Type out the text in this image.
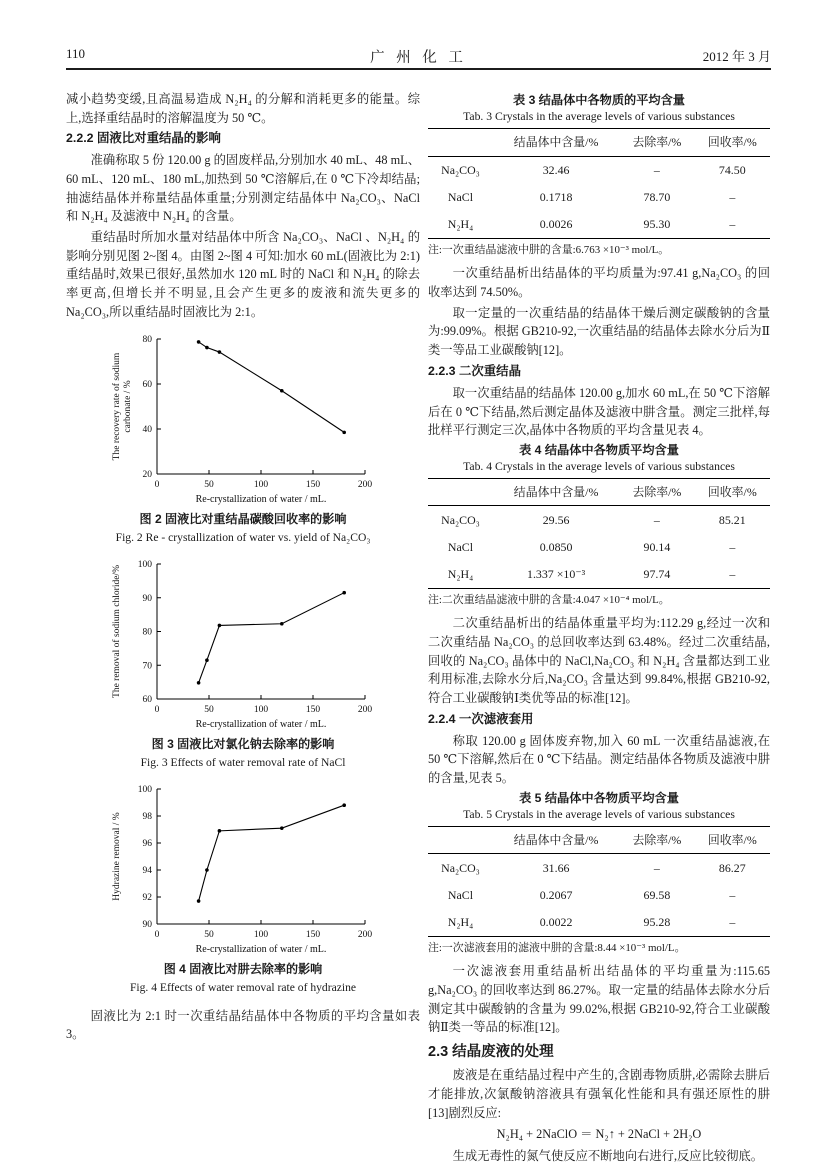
110	广 州 化 工	2012 年 3 月

减小趋势变缓,且高温易造成 N₂H₄ 的分解和消耗更多的能量。综上,选择重结晶时的溶解温度为 50 ℃。

2.2.2 固液比对重结晶的影响

准确称取 5 份 120.00 g 的固废样品,分别加水 40 mL、48 mL、60 mL、120 mL、180 mL,加热到 50 ℃溶解后,在 0 ℃下冷却结晶;抽滤结晶体并称量结晶体重量;分别测定结晶体中 Na₂CO₃、NaCl 和 N₂H₄ 及滤液中 N₂H₄ 的含量。

重结晶时所加水量对结晶体中所含 Na₂CO₃、NaCl 、N₂H₄ 的影响分别见图 2~图 4。由图 2~图 4 可知:加水 60 mL(固液比为 2:1)重结晶时,效果已很好,虽然加水 120 mL 时的 NaCl 和 N₂H₄ 的除去率更高,但增长并不明显,且会产生更多的废液和流失更多的 Na₂CO₃,所以重结晶时固液比为 2:1。

0	50	100	150	200
20
40
60
80
The recovery rate of sodium carbonate / %
Re-crystallization of water / mL.
图 2 固液比对重结晶碳酸回收率的影响
Fig. 2 Re - crystallization of water vs. yield of Na₂CO₃
0	50	100	150	200
60
70
80
90
100
The removal of sodium chloride/%
Re-crystallization of water / mL.
图 3 固液比对氯化钠去除率的影响
Fig. 3 Effects of water removal rate of NaCl
0	50	100	150	200
90
92
94
96
98
100
Hydrazine removal / %
Re-crystallization of water / mL.
图 4 固液比对肼去除率的影响
Fig. 4 Effects of water removal rate of hydrazine

固液比为 2:1 时一次重结晶结晶体中各物质的平均含量如表 3。

表 3 结晶体中各物质的平均含量
Tab. 3 Crystals in the average levels of various substances
	结晶体中含量/%	去除率/%	回收率/%
Na₂CO₃	32.46	–	74.50
NaCl	0.1718	78.70	–
N₂H₄	0.0026	95.30	–
注:一次重结晶滤液中肼的含量:6.763 ×10⁻³ mol/L。

一次重结晶析出结晶体的平均质量为:97.41 g,Na₂CO₃ 的回收率达到 74.50%。

取一定量的一次重结晶的结晶体干燥后测定碳酸钠的含量为:99.09%。根据 GB210-92,一次重结晶的结晶体去除水分后为Ⅱ类一等品工业碳酸钠[12]。

2.2.3 二次重结晶

取一次重结晶的结晶体 120.00 g,加水 60 mL,在 50 ℃下溶解后在 0 ℃下结晶,然后测定晶体及滤液中肼含量。测定三批样,每批样平行测定三次,晶体中各物质的平均含量见表 4。

表 4 结晶体中各物质平均含量
Tab. 4 Crystals in the average levels of various substances
	结晶体中含量/%	去除率/%	回收率/%
Na₂CO₃	29.56	–	85.21
NaCl	0.0850	90.14	–
N₂H₄	1.337 ×10⁻³	97.74	–
注:二次重结晶滤液中肼的含量:4.047 ×10⁻⁴ mol/L。

二次重结晶析出的结晶体重量平均为:112.29 g,经过一次和二次重结晶 Na₂CO₃ 的总回收率达到 63.48%。经过二次重结晶,回收的 Na₂CO₃ 晶体中的 NaCl,Na₂CO₃ 和 N₂H₄ 含量都达到工业利用标准,去除水分后,Na₂CO₃ 含量达到 99.84%,根据 GB210-92,符合工业碳酸钠Ⅰ类优等品的标准[12]。

2.2.4 一次滤液套用

称取 120.00 g 固体废弃物,加入 60 mL 一次重结晶滤液,在 50 ℃下溶解,然后在 0 ℃下结晶。测定结晶体各物质及滤液中肼的含量,见表 5。

表 5 结晶体中各物质平均含量
Tab. 5 Crystals in the average levels of various substances
	结晶体中含量/%	去除率/%	回收率/%
Na₂CO₃	31.66	–	86.27
NaCl	0.2067	69.58	–
N₂H₄	0.0022	95.28	–
注:一次滤液套用的滤液中肼的含量:8.44 ×10⁻³ mol/L。

一次滤液套用重结晶析出结晶体的平均重量为:115.65 g,Na₂CO₃ 的回收率达到 86.27%。取一定量的结晶体去除水分后测定其中碳酸钠的含量为 99.02%,根据 GB210-92,符合工业碳酸钠Ⅱ类一等品的标准[12]。

2.3 结晶废液的处理

废液是在重结晶过程中产生的,含剧毒物质肼,必需除去肼后才能排放,次氯酸钠溶液具有强氧化性能和具有强还原性的肼[13]剧烈反应:

N₂H₄ + 2NaClO ＝ N₂↑ + 2NaCl + 2H₂O

生成无毒性的氮气使反应不断地向右进行,反应比较彻底。
